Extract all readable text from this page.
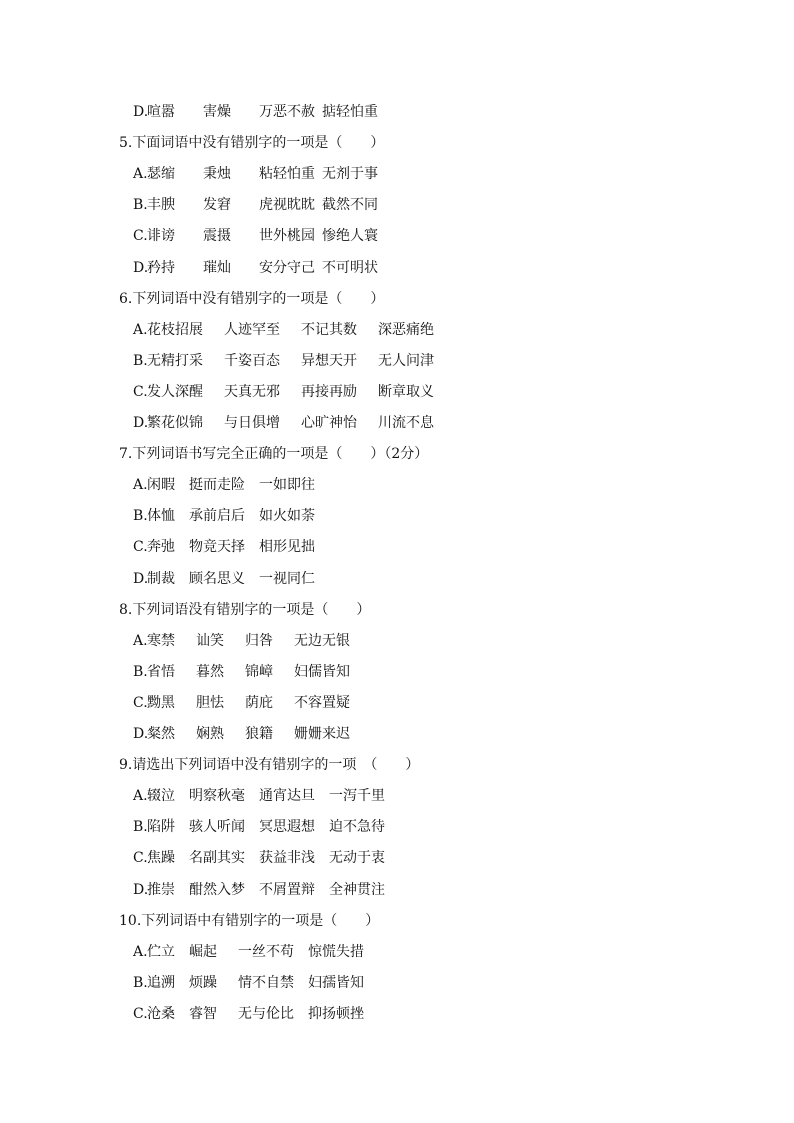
D.
喧嚣 害燥 万恶不赦 掂轻怕重
5.下面词语中没有错别字的一项是（　　）
A. 瑟缩 秉烛 粘轻怕重 无剂于事
B. 丰腴 发窘 虎视眈眈 截然不同
C. 诽谤 震摄 世外桃园 惨绝人寰
D.
矜持 璀灿 安分守己 不可明状
6.下列词语中没有错别字的一项是（　　）
A. 花枝招展 人迹罕至 不记其数 深恶痛绝
B. 无精打采 千姿百态 异想天开 无人问津
C. 发人深醒 天真无邪 再接再励 断章取义
D.
繁花似锦 与日俱增 心旷神怡 川流不息
7.下列词语书写完全正确的一项是（　　）（2分）
A. 闲暇 挺而走险 一如即往
B. 体恤 承前启后 如火如荼
C. 奔弛 物竞天择 相形见拙
D.
制裁 顾名思义 一视同仁
8.下列词语没有错别字的一项是（　　）
A. 寒禁 讪笑 归咎 无边无银
B. 省悟 暮然 锦嶂 妇儒皆知
C. 黝黑 胆怯 荫庇 不容置疑
D.
粲然 娴熟 狼籍 姗姗来迟
9.请选出下列词语中没有错别字的一项　（　　）
A. 辍泣 明察秋毫 通宵达旦 一泻千里
B. 陷阱 骇人听闻 冥思遐想 迫不急待
C. 焦躁 名副其实 获益非浅 无动于衷
D.
推崇 酣然入梦 不屑置辩 全神贯注
10.下列词语中有错别字的一项是（　　）
A. 伫立 崛起 一丝不苟 惊慌失措
B. 追溯 烦躁 情不自禁 妇孺皆知
C. 沧桑 睿智 无与伦比 抑扬顿挫
